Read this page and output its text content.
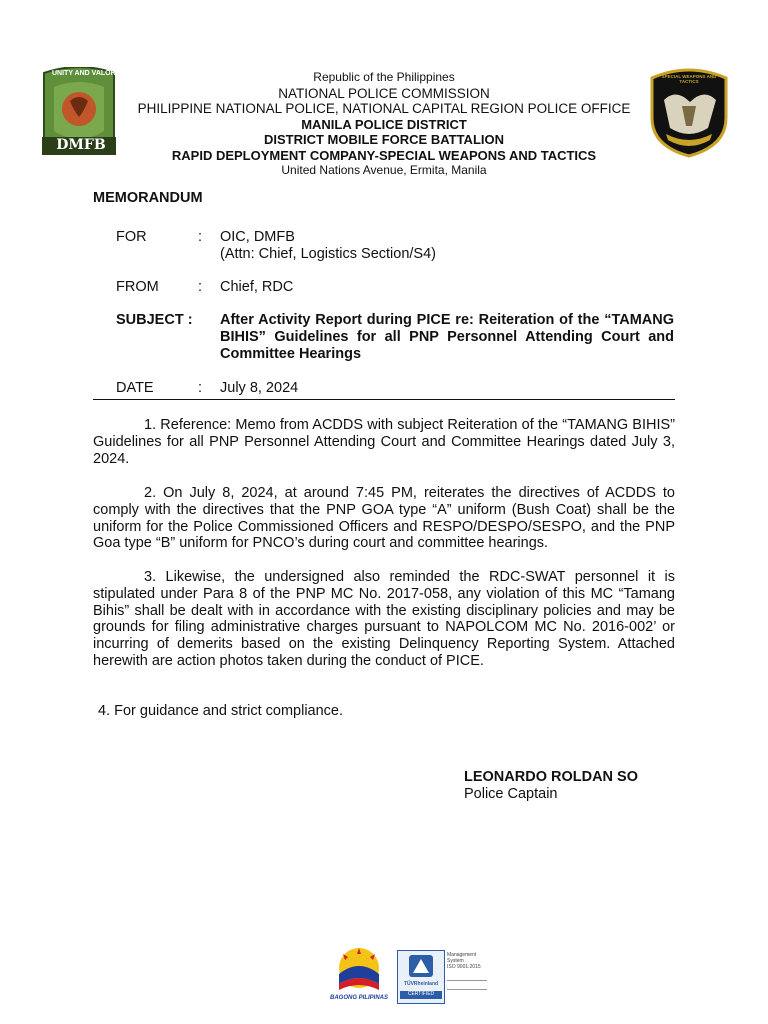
UNITY AND VALOR
DMFB
SPECIAL WEAPONS AND TACTICS
Republic of the Philippines
NATIONAL POLICE COMMISSION
PHILIPPINE NATIONAL POLICE, NATIONAL CAPITAL REGION POLICE OFFICE
MANILA POLICE DISTRICT
DISTRICT MOBILE FORCE BATTALION
RAPID DEPLOYMENT COMPANY-SPECIAL WEAPONS AND TACTICS
United Nations Avenue, Ermita, Manila
MEMORANDUM
FOR	: OIC, DMFB
(Attn: Chief, Logistics Section/S4)
FROM	: Chief, RDC
SUBJECT :	After Activity Report during PICE re: Reiteration of the “TAMANG BIHIS” Guidelines for all PNP Personnel Attending Court and Committee Hearings
DATE	: July 8, 2024
1. Reference: Memo from ACDDS with subject Reiteration of the “TAMANG BIHIS” Guidelines for all PNP Personnel Attending Court and Committee Hearings dated July 3, 2024.
2. On July 8, 2024, at around 7:45 PM, reiterates the directives of ACDDS to comply with the directives that the PNP GOA type “A” uniform (Bush Coat) shall be the uniform for the Police Commissioned Officers and RESPO/DESPO/SESPO, and the PNP Goa type “B” uniform for PNCO’s during court and committee hearings.
3. Likewise, the undersigned also reminded the RDC-SWAT personnel it is stipulated under Para 8 of the PNP MC No. 2017-058, any violation of this MC “Tamang Bihis” shall be dealt with in accordance with the existing disciplinary policies and may be grounds for filing administrative charges pursuant to NAPOLCOM MC No. 2016-002’ or incurring of demerits based on the existing Delinquency Reporting System. Attached herewith are action photos taken during the conduct of PICE.
4. For guidance and strict compliance.
LEONARDO ROLDAN SO
Police Captain
BAGONG PILIPINAS
TÜVRheinland
CERTIFIED
Management
System
ISO 9001:2015
